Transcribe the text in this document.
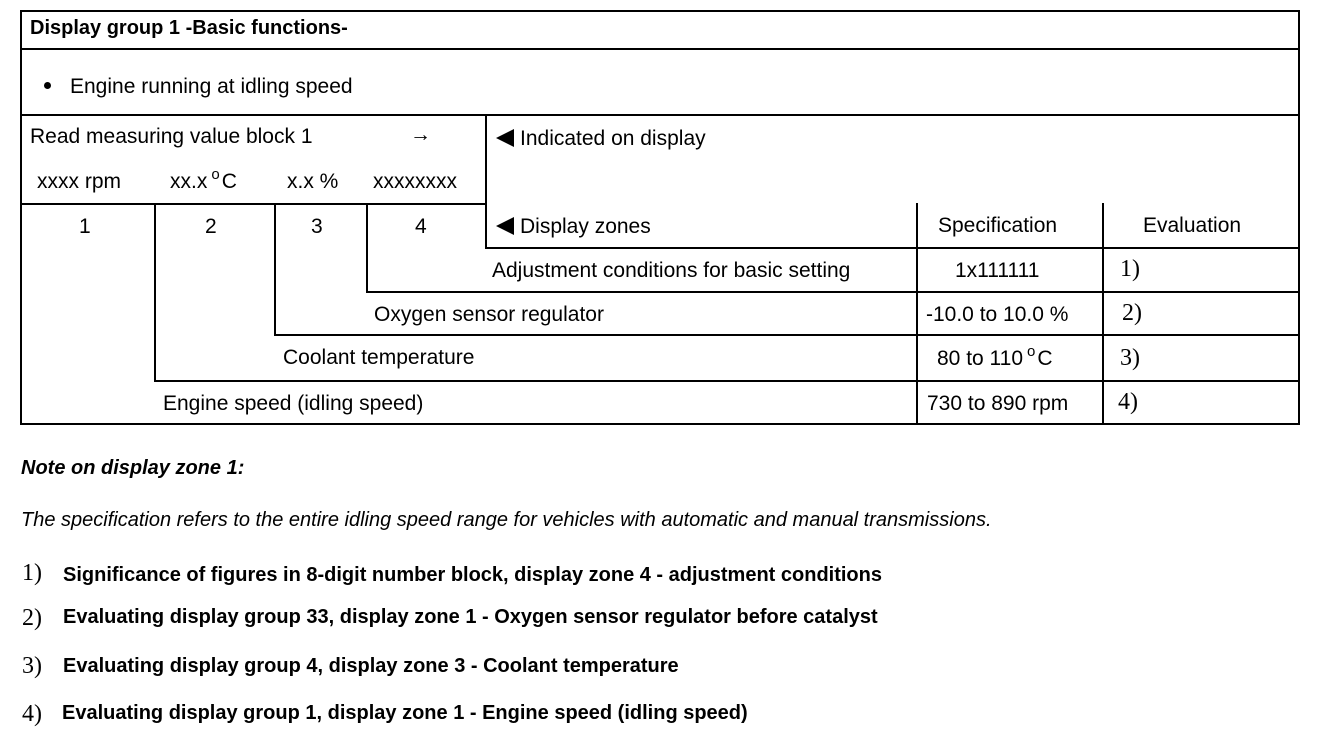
Display group 1 -Basic functions-
Engine running at idling speed
Read measuring value block 1	→
xxxx rpm xx.x $^o$C x.x % xxxxxxxx
Indicated on display
1	2	3	4	Display zones	Specification	Evaluation
Adjustment conditions for basic setting	1x111111	1)
Oxygen sensor regulator	-10.0 to 10.0 % 2)
Coolant temperature	80 to 110 $^o$C	3)
Engine speed (idling speed)	730 to 890 rpm 4)
Note on display zone 1:
The specification refers to the entire idling speed range for vehicles with automatic and manual transmissions.
1) Significance of figures in 8-digit number block, display zone 4 - adjustment conditions
2) Evaluating display group 33, display zone 1 - Oxygen sensor regulator before catalyst
3) Evaluating display group 4, display zone 3 - Coolant temperature
4) Evaluating display group 1, display zone 1 - Engine speed (idling speed)
